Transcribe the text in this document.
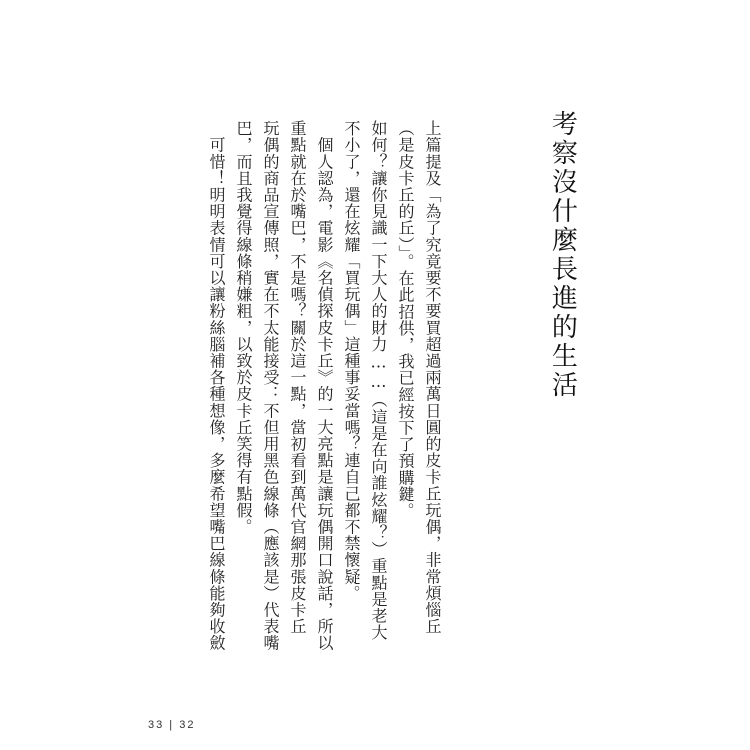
考察沒什麼長進的生活

上篇提及「為了究竟要不要買超過兩萬日圓的皮卡丘玩偶，非常煩惱丘

（是皮卡丘的丘）」。在此招供，我已經按下了預購鍵。

如何？讓你見識一下大人的財力……（這是在向誰炫耀？）重點是老大

不小了，還在炫耀「買玩偶」這種事妥當嗎？連自己都不禁懷疑。

　個人認為，電影《名偵探皮卡丘》的一大亮點是讓玩偶開口說話，所以

重點就在於嘴巴，不是嗎？關於這一點，當初看到萬代官網那張皮卡丘

玩偶的商品宣傳照，實在不太能接受：不但用黑色線條（應該是）代表嘴

巴，而且我覺得線條稍嫌粗，以致於皮卡丘笑得有點假。

　可惜！明明表情可以讓粉絲腦補各種想像，多麼希望嘴巴線條能夠收斂

33 | 32
